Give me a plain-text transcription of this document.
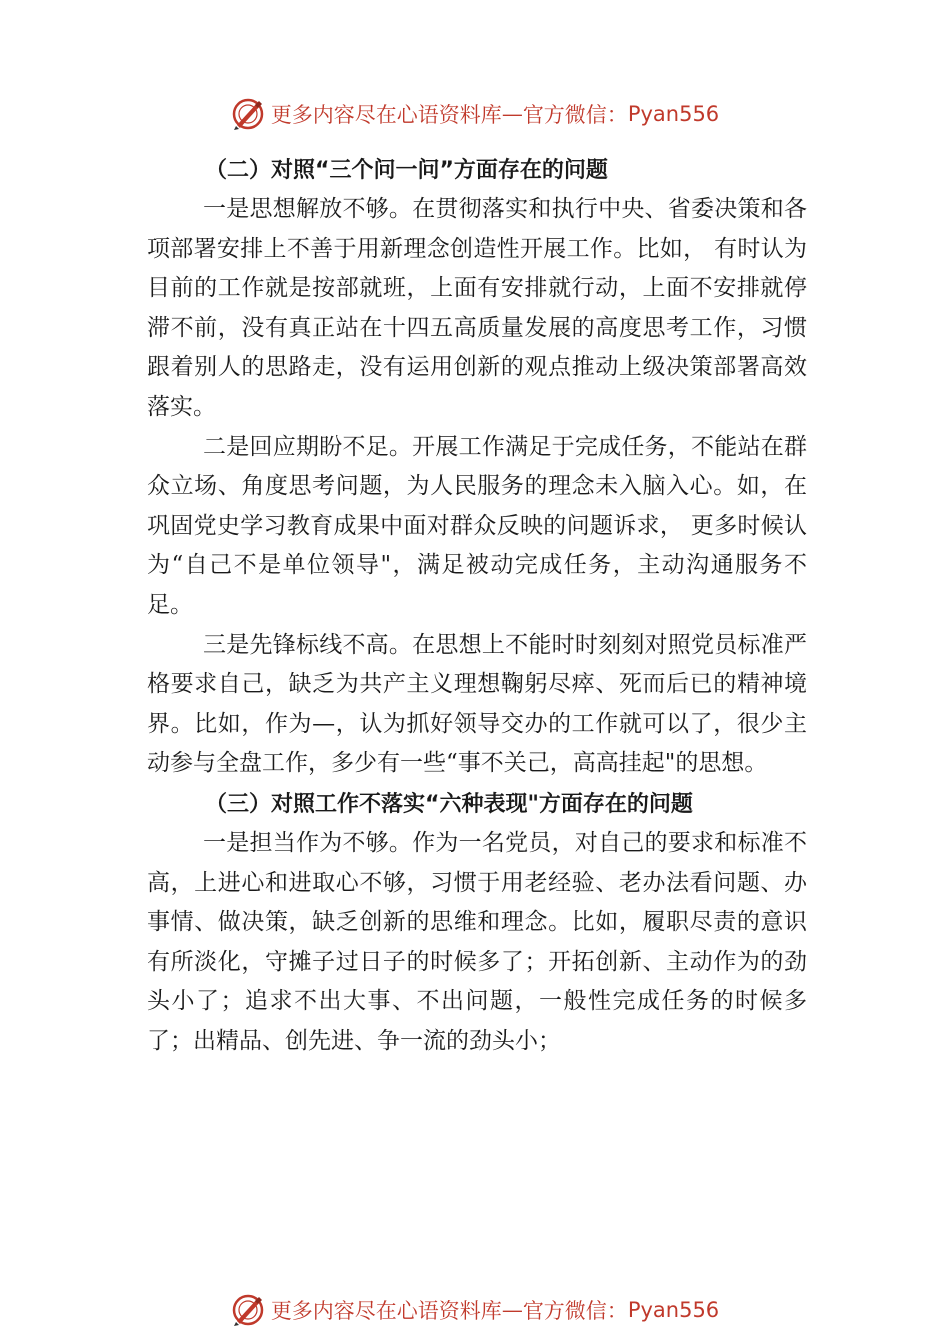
更多内容尽在心语资料库 — 官方微信： Pyan556

（二）对照“三个问一问”方面存在的问题

一是思想解放不够。在贯彻落实和执行中央、省委决策和各项部署安排上不善于用新理念创造性开展工作。比如， 有时认为目前的工作就是按部就班，上面有安排就行动，上面不安排就停滞不前，没有真正站在十四五高质量发展的高度思考工作，习惯跟着别人的思路走，没有运用创新的观点推动上级决策部署高效落实。

二是回应期盼不足。开展工作满足于完成任务，不能站在群众立场、角度思考问题，为人民服务的理念未入脑入心。如，在巩固党史学习教育成果中面对群众反映的问题诉求， 更多时候认为“自己不是单位领导"，满足被动完成任务，主动沟通服务不足。

三是先锋标线不高。在思想上不能时时刻刻对照党员标准严格要求自己，缺乏为共产主义理想鞠躬尽瘁、死而后已的精神境界。比如，作为—，认为抓好领导交办的工作就可以了，很少主动参与全盘工作，多少有一些“事不关己，高高挂起"的思想。

（三）对照工作不落实“六种表现"方面存在的问题

一是担当作为不够。作为一名党员，对自己的要求和标准不高，上进心和进取心不够，习惯于用老经验、老办法看问题、办事情、做决策，缺乏创新的思维和理念。比如，履职尽责的意识有所淡化，守摊子过日子的时候多了；开拓创新、主动作为的劲头小了；追求不出大事、不出问题，一般性完成任务的时候多了；出精品、创先进、争一流的劲头小；

更多内容尽在心语资料库 — 官方微信： Pyan556
